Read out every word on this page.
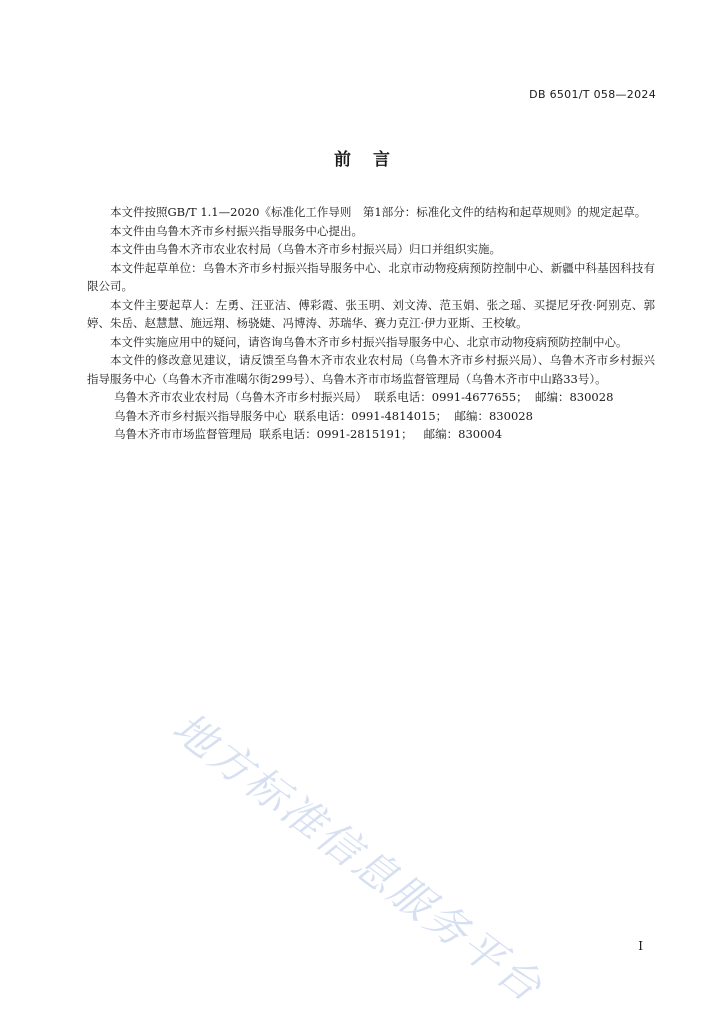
DB 6501/T 058—2024
前言

本文件按照GB/T 1.1—2020《标准化工作导则　第1部分：标准化文件的结构和起草规则》的规定起草。

本文件由乌鲁木齐市乡村振兴指导服务中心提出。

本文件由乌鲁木齐市农业农村局（乌鲁木齐市乡村振兴局）归口并组织实施。

本文件起草单位：乌鲁木齐市乡村振兴指导服务中心、北京市动物疫病预防控制中心、新疆中科基因科技有限公司。

本文件主要起草人：左勇、汪亚洁、傅彩霞、张玉明、刘文涛、范玉娟、张之瑶、买提尼牙孜·阿别克、郭婷、朱岳、赵慧慧、施远翔、杨骁婕、冯博涛、苏瑞华、赛力克江·伊力亚斯、王校敏。

本文件实施应用中的疑问，请咨询乌鲁木齐市乡村振兴指导服务中心、北京市动物疫病预防控制中心。

本文件的修改意见建议，请反馈至乌鲁木齐市农业农村局（乌鲁木齐市乡村振兴局）、乌鲁木齐市乡村振兴指导服务中心（乌鲁木齐市准噶尔街299号）、乌鲁木齐市市场监督管理局（乌鲁木齐市中山路33号）。

乌鲁木齐市农业农村局（乌鲁木齐市乡村振兴局）  联系电话：0991-4677655；  邮编：830028

乌鲁木齐市乡村振兴指导服务中心  联系电话：0991-4814015；  邮编：830028

乌鲁木齐市市场监督管理局  联系电话：0991-2815191；   邮编：830004

地方标准信息服务平台	I
